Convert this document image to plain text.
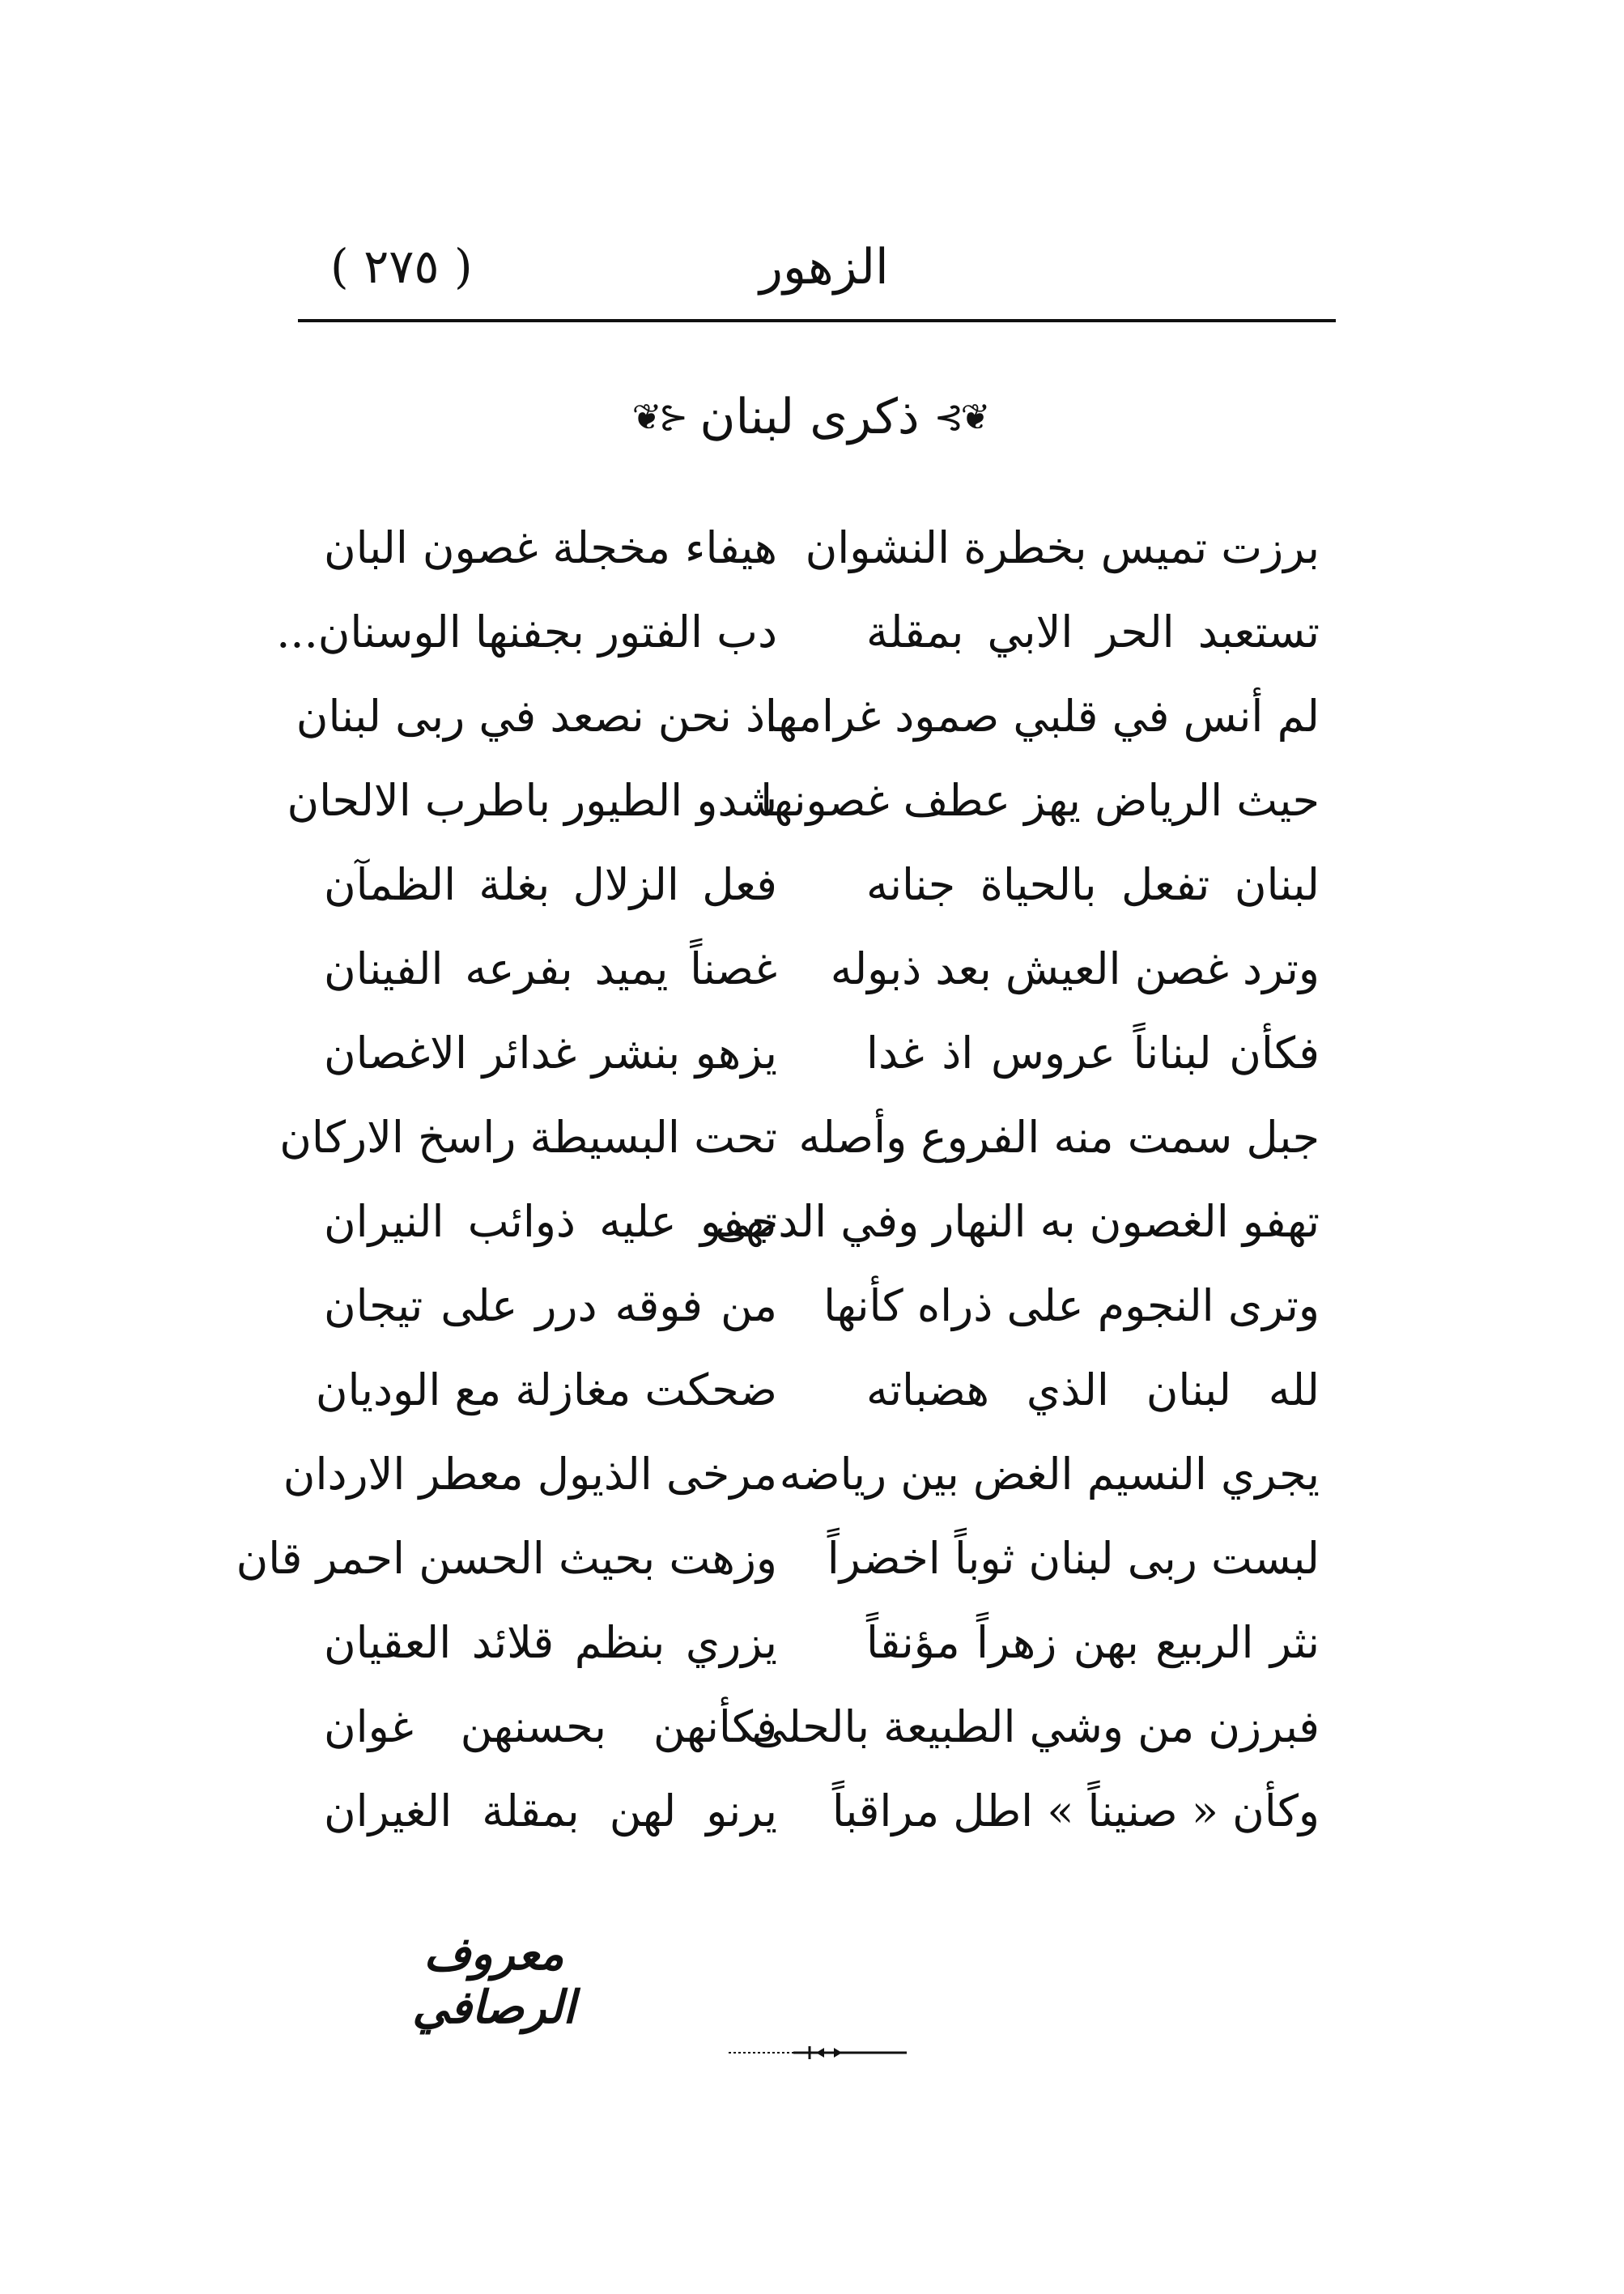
( ٢٧٥ )	الزهور
❦⊱
ذكرى لبنان
⊰❦
برزت تميس بخطرة النشوان
هيفاء مخجلة غصون البان
تستعبد الحر الابي بمقلة
دب الفتور بجفنها الوسنان...
لم أنس في قلبي صمود غرامها
اذ نحن نصعد في ربى لبنان
حيث الرياض يهز عطف غصونها
شدو الطيور باطرب الالحان
لبنان تفعل بالحياة جنانه
فعل الزلال بغلة الظمآن
وترد غصن العيش بعد ذبوله
غصناً يميد بفرعه الفينان
فكأن لبناناً عروس اذ غدا
يزهو بنشر غدائر الاغصان
جبل سمت منه الفروع وأصله
تحت البسيطة راسخ الاركان
تهفو الغصون به النهار وفي الدجى
تهفو عليه ذوائب النيران
وترى النجوم على ذراه كأنها
من فوقه درر على تيجان
لله لبنان الذي هضباته
ضحكت مغازلة مع الوديان
يجري النسيم الغض بين رياضه
مرخى الذيول معطر الاردان
لبست ربى لبنان ثوباً اخضراً
وزهت بحيث الحسن احمر قان
نثر الربيع بهن زهراً مؤنقاً
يزري بنظم قلائد العقيان
فبرزن من وشي الطبيعة بالحلى
فكأنهن بحسنهن غوان
وكأن « صنيناً » اطل مراقباً
يرنو لهن بمقلة الغيران
معروف الرصافي
